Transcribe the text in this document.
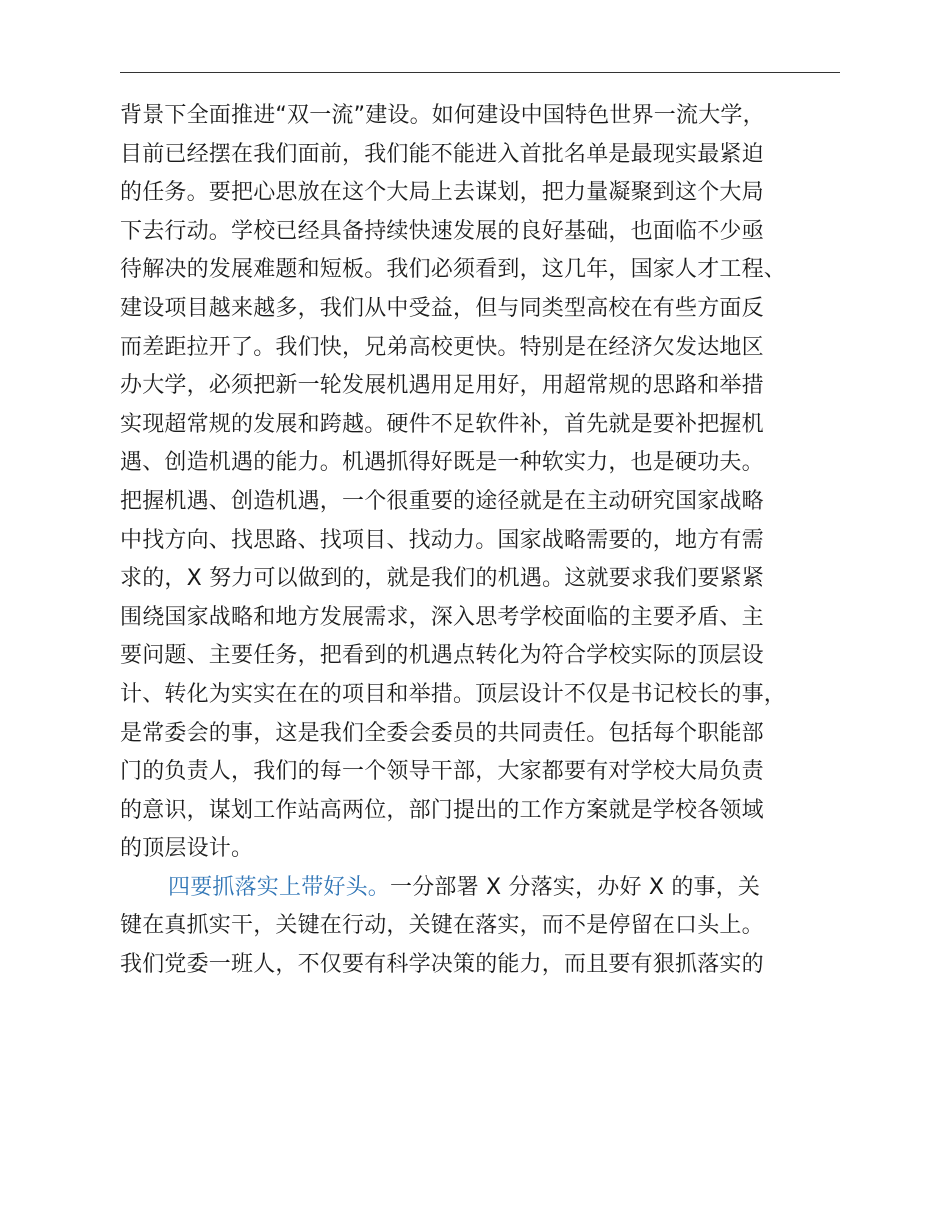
背景下全面推进“双一流”建设。如何建设中国特色世界一流大学，
目前已经摆在我们面前，我们能不能进入首批名单是最现实最紧迫
的任务。要把心思放在这个大局上去谋划，把力量凝聚到这个大局
下去行动。学校已经具备持续快速发展的良好基础，也面临不少亟
待解决的发展难题和短板。我们必须看到，这几年，国家人才工程、
建设项目越来越多，我们从中受益，但与同类型高校在有些方面反
而差距拉开了。我们快，兄弟高校更快。特别是在经济欠发达地区
办大学，必须把新一轮发展机遇用足用好，用超常规的思路和举措
实现超常规的发展和跨越。硬件不足软件补，首先就是要补把握机
遇、创造机遇的能力。机遇抓得好既是一种软实力，也是硬功夫。
把握机遇、创造机遇，一个很重要的途径就是在主动研究国家战略
中找方向、找思路、找项目、找动力。国家战略需要的，地方有需
求的，X 努力可以做到的，就是我们的机遇。这就要求我们要紧紧
围绕国家战略和地方发展需求，深入思考学校面临的主要矛盾、主
要问题、主要任务，把看到的机遇点转化为符合学校实际的顶层设
计、转化为实实在在的项目和举措。顶层设计不仅是书记校长的事，
是常委会的事，这是我们全委会委员的共同责任。包括每个职能部
门的负责人，我们的每一个领导干部，大家都要有对学校大局负责
的意识，谋划工作站高两位，部门提出的工作方案就是学校各领域
的顶层设计。
四要抓落实上带好头。一分部署 X 分落实，办好 X 的事，关
键在真抓实干，关键在行动，关键在落实，而不是停留在口头上。
我们党委一班人，不仅要有科学决策的能力，而且要有狠抓落实的
